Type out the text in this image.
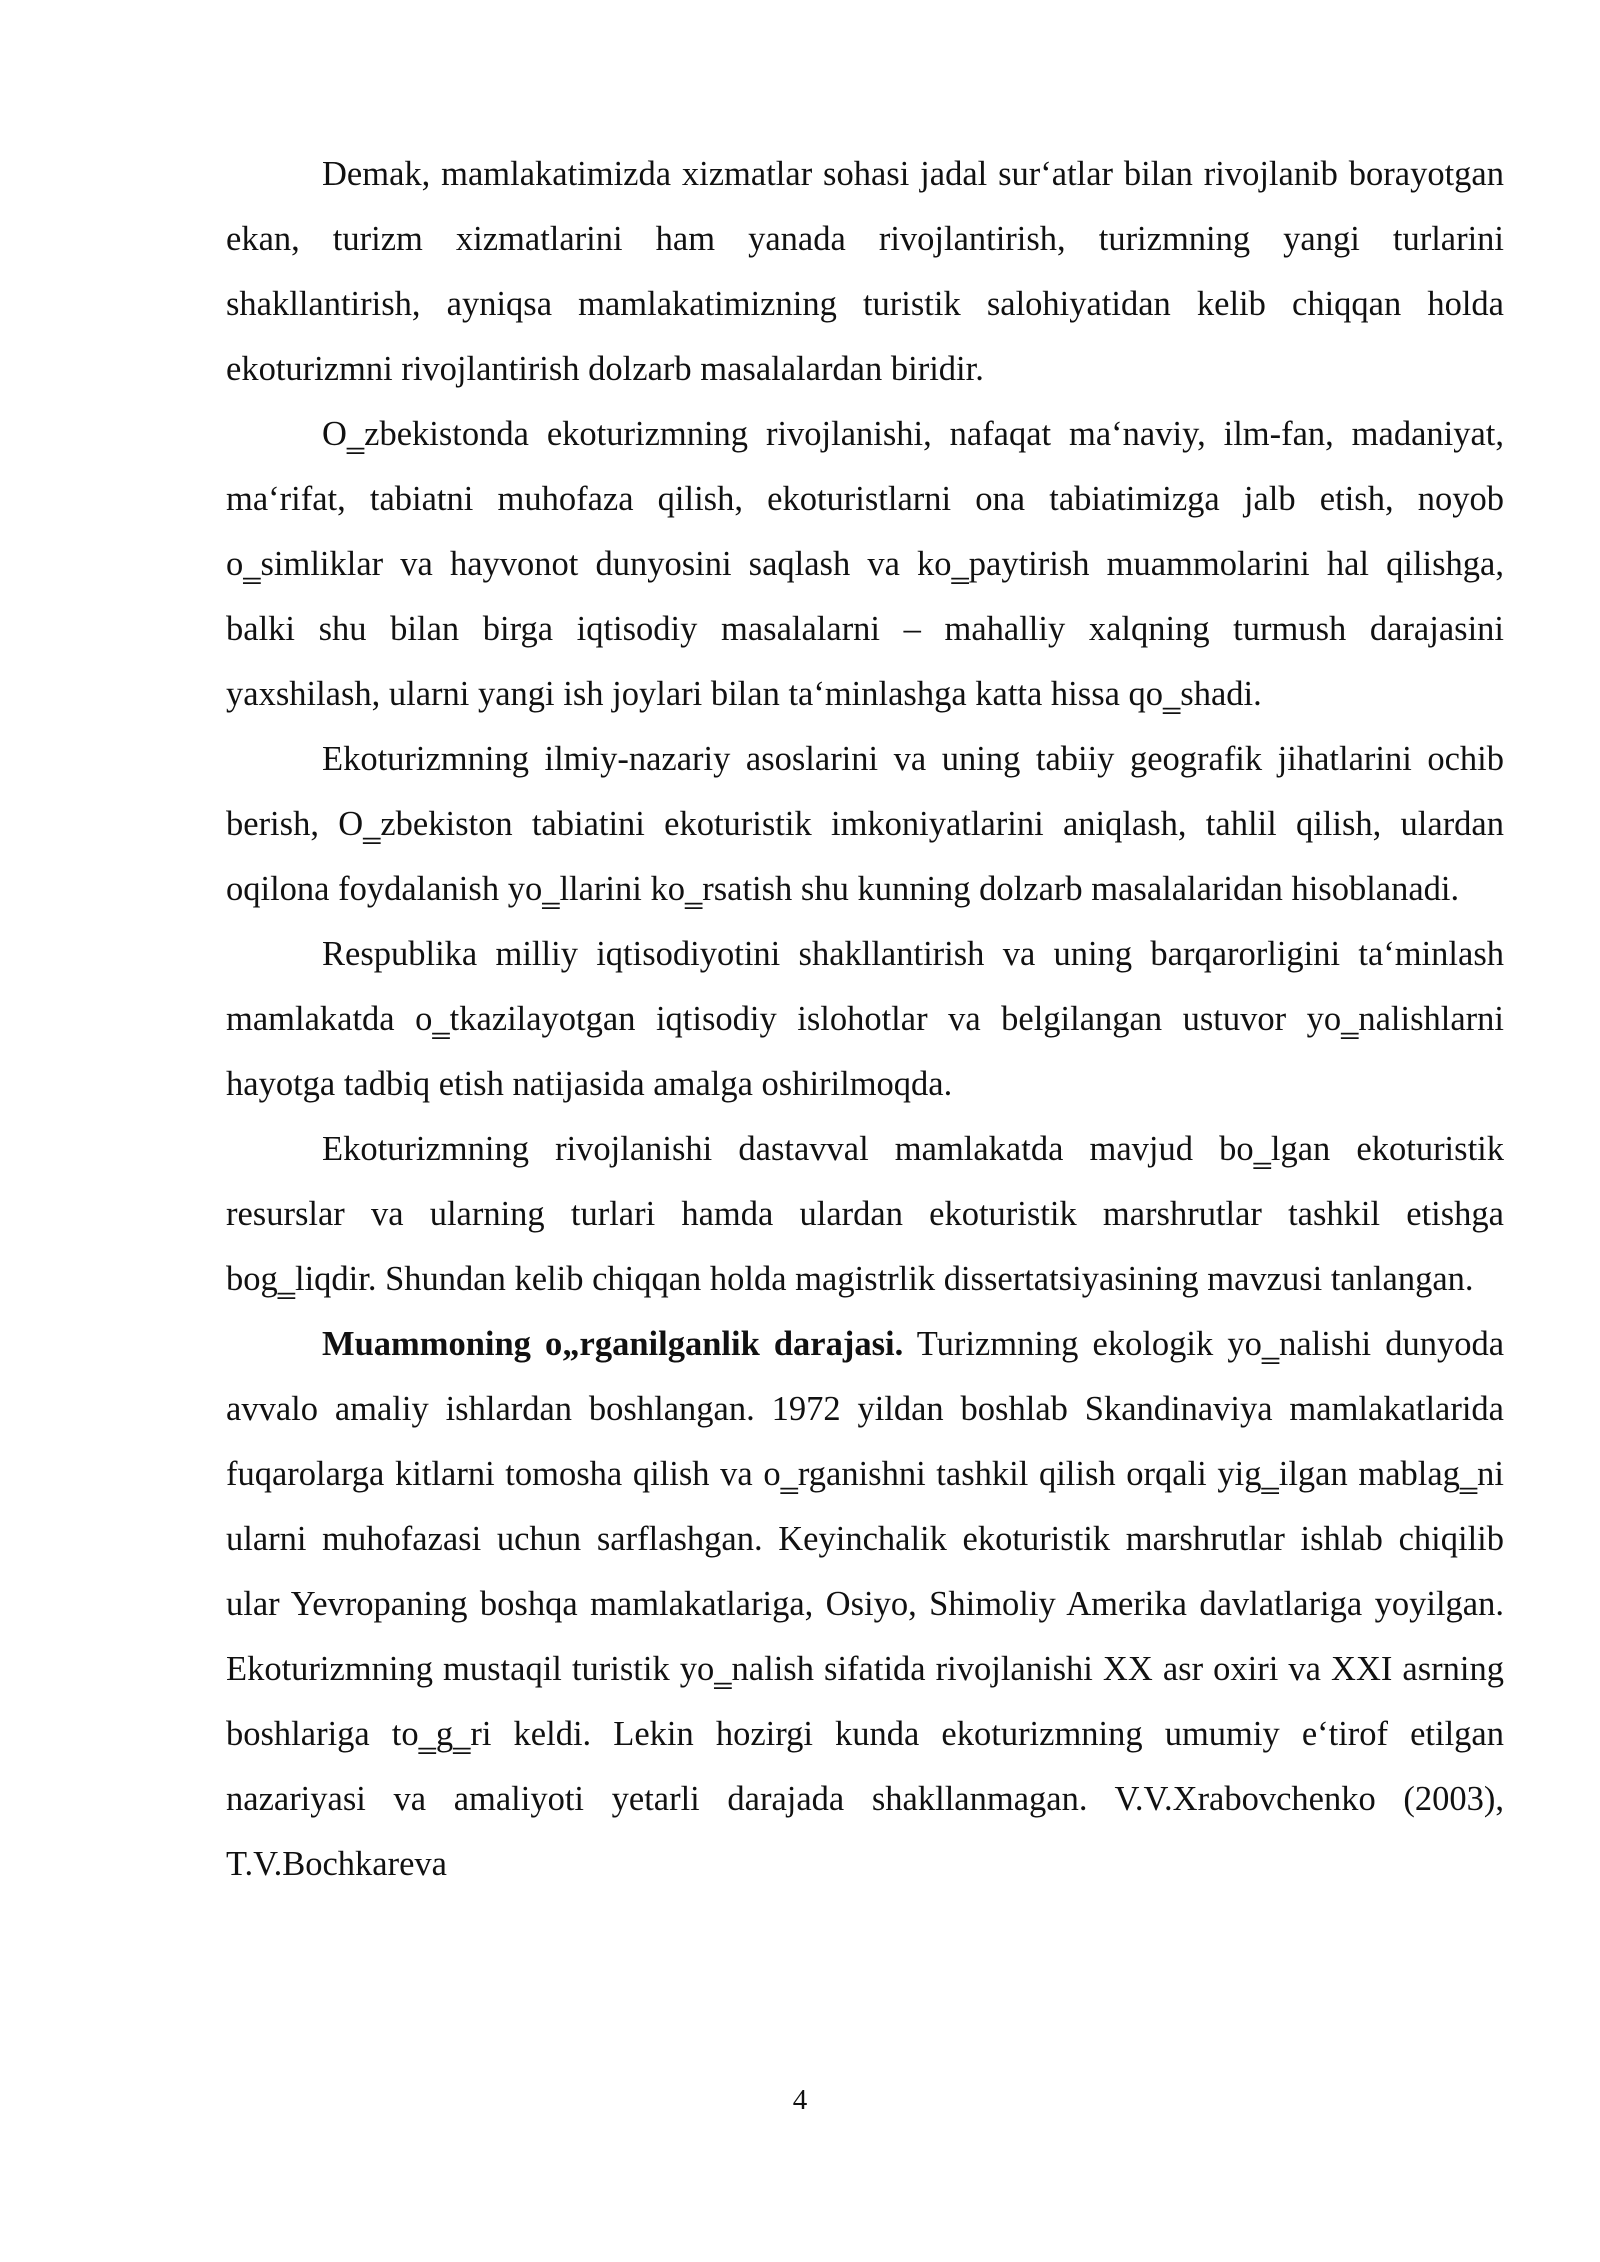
Demak, mamlakatimizda xizmatlar sohasi jadal sur‘atlar bilan rivojlanib borayotgan ekan, turizm xizmatlarini ham yanada rivojlantirish, turizmning yangi turlarini shakllantirish, ayniqsa mamlakatimizning turistik salohiyatidan kelib chiqqan holda ekoturizmni rivojlantirish dolzarb masalalardan biridir.

O‗zbekistonda ekoturizmning rivojlanishi, nafaqat ma‘naviy, ilm-fan, madaniyat, ma‘rifat, tabiatni muhofaza qilish, ekoturistlarni ona tabiatimizga jalb etish, noyob o‗simliklar va hayvonot dunyosini saqlash va ko‗paytirish muammolarini hal qilishga, balki shu bilan birga iqtisodiy masalalarni – mahalliy xalqning turmush darajasini yaxshilash, ularni yangi ish joylari bilan ta‘minlashga katta hissa qo‗shadi.

Ekoturizmning ilmiy-nazariy asoslarini va uning tabiiy geografik jihatlarini ochib berish, O‗zbekiston tabiatini ekoturistik imkoniyatlarini aniqlash, tahlil qilish, ulardan oqilona foydalanish yo‗llarini ko‗rsatish shu kunning dolzarb masalalaridan hisoblanadi.

Respublika milliy iqtisodiyotini shakllantirish va uning barqarorligini ta‘minlash mamlakatda o‗tkazilayotgan iqtisodiy islohotlar va belgilangan ustuvor yo‗nalishlarni hayotga tadbiq etish natijasida amalga oshirilmoqda.

Ekoturizmning rivojlanishi dastavval mamlakatda mavjud bo‗lgan ekoturistik resurslar va ularning turlari hamda ulardan ekoturistik marshrutlar tashkil etishga bog‗liqdir. Shundan kelib chiqqan holda magistrlik dissertatsiyasining mavzusi tanlangan.

Muammoning o„rganilganlik darajasi. Turizmning ekologik yo‗nalishi dunyoda avvalo amaliy ishlardan boshlangan. 1972 yildan boshlab Skandinaviya mamlakatlarida fuqarolarga kitlarni tomosha qilish va o‗rganishni tashkil qilish orqali yig‗ilgan mablag‗ni ularni muhofazasi uchun sarflashgan. Keyinchalik ekoturistik marshrutlar ishlab chiqilib ular Yevropaning boshqa mamlakatlariga, Osiyo, Shimoliy Amerika davlatlariga yoyilgan. Ekoturizmning mustaqil turistik yo‗nalish sifatida rivojlanishi XX asr oxiri va XXI asrning boshlariga to‗g‗ri keldi. Lekin hozirgi kunda ekoturizmning umumiy e‘tirof etilgan nazariyasi va amaliyoti yetarli darajada shakllanmagan. V.V.Xrabovchenko (2003), T.V.Bochkareva

4
